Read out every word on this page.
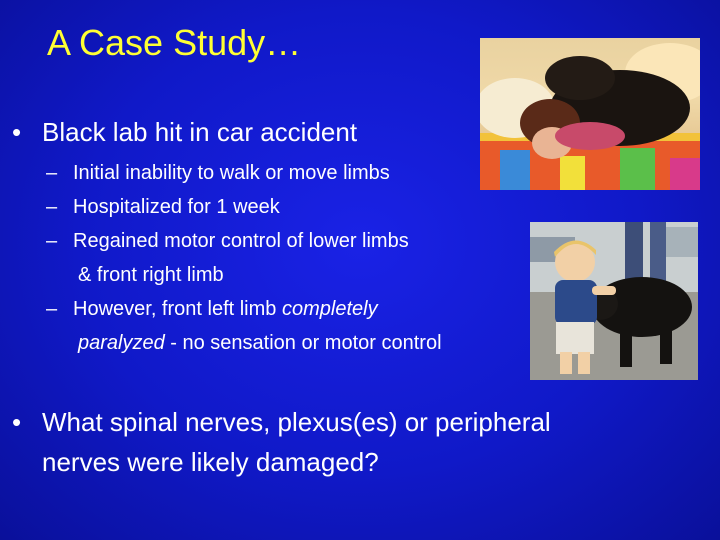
A Case Study…
• Black lab hit in car accident
– Initial inability to walk or move limbs
– Hospitalized for 1 week
– Regained motor control of lower limbs
& front right limb
– However, front left limb completely
paralyzed - no sensation or motor control
• What spinal nerves, plexus(es) or peripheral
nerves were likely damaged?
